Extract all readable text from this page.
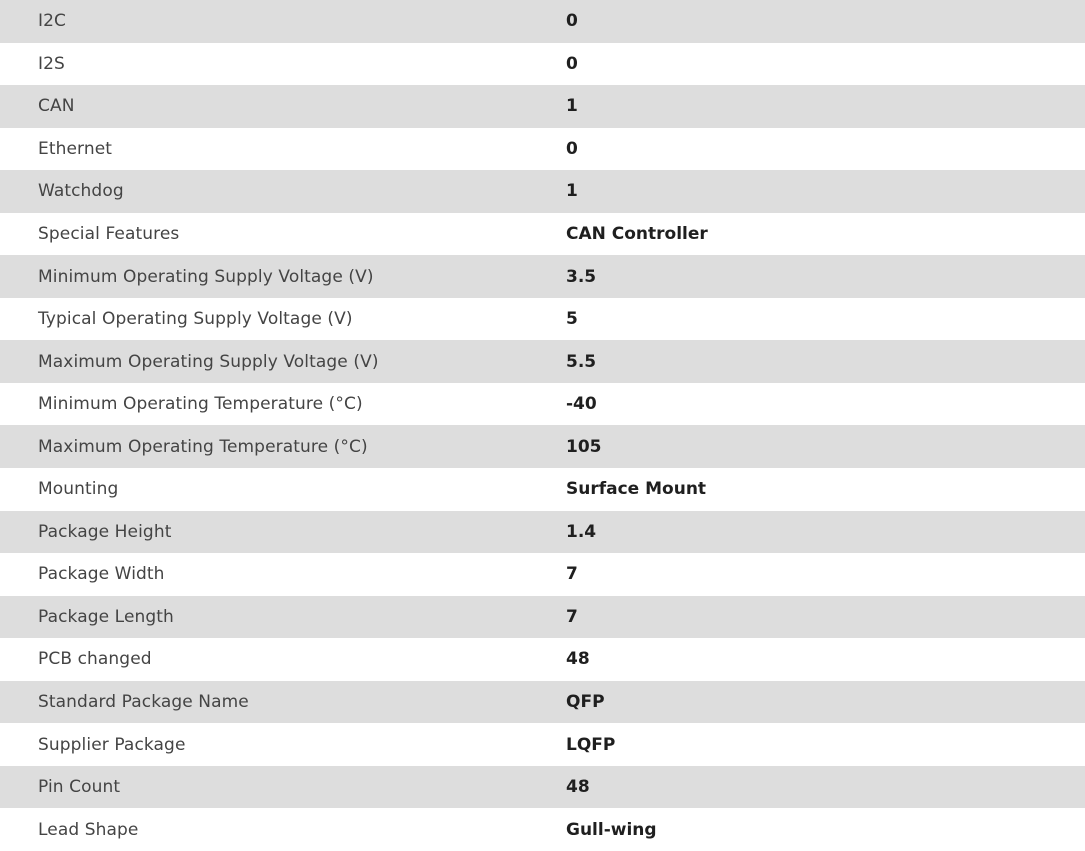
I2C	0
I2S	0
CAN	1
Ethernet	0
Watchdog	1
Special Features	CAN Controller
Minimum Operating Supply Voltage (V)	3.5
Typical Operating Supply Voltage (V)	5
Maximum Operating Supply Voltage (V)	5.5
Minimum Operating Temperature (°C)	-40
Maximum Operating Temperature (°C)	105
Mounting	Surface Mount
Package Height	1.4
Package Width	7
Package Length	7
PCB changed	48
Standard Package Name	QFP
Supplier Package	LQFP
Pin Count	48
Lead Shape	Gull-wing
